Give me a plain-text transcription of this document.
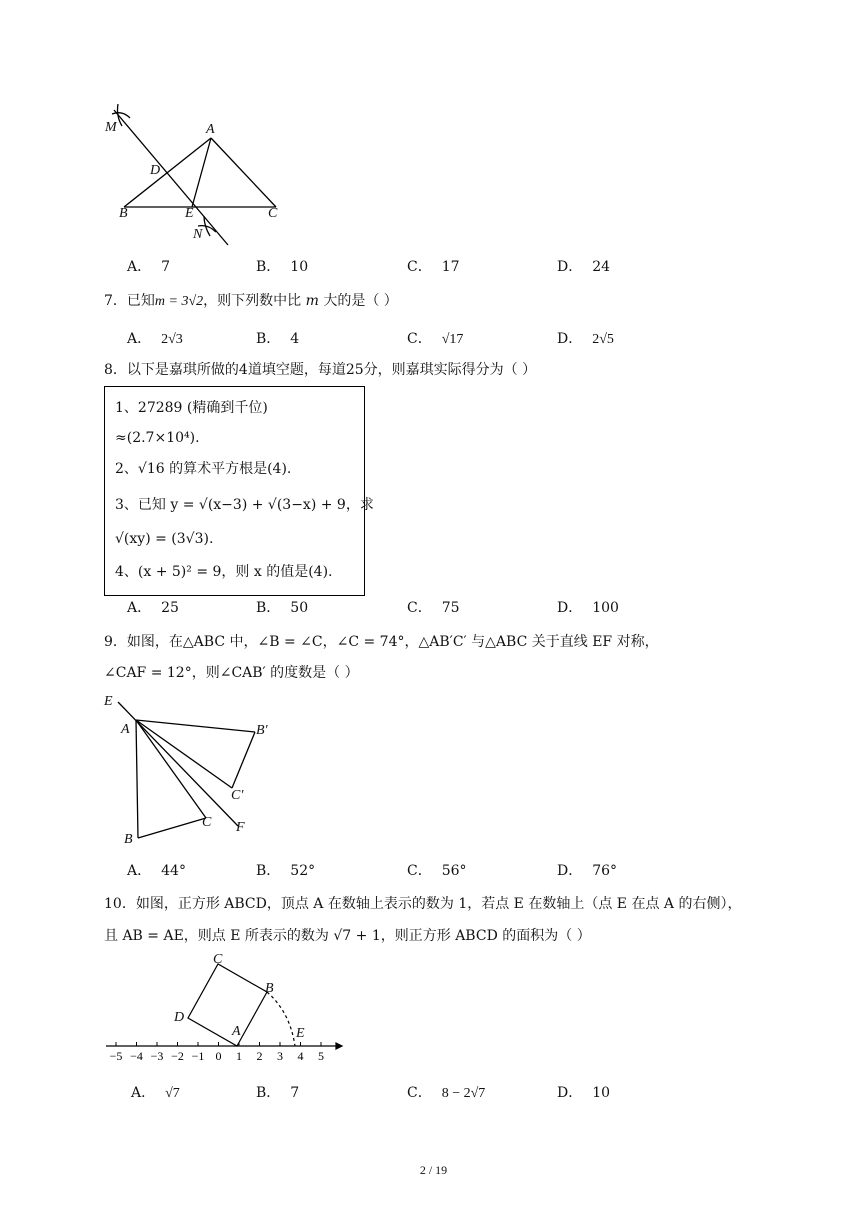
M	A
D
B	E	C
N
A． 7	B． 10	C． 17	D． 24
7．已知m = 3√2，则下列数中比 m 大的是（ ）
A． 2√3	B． 4	C． √17	D． 2√5
8．以下是嘉琪所做的4道填空题，每道25分，则嘉琪实际得分为（ ）
1、27289 (精确到千位)
≈(2.7×10⁴).
2、√16 的算术平方根是(4).
3、已知 y = √(x−3) + √(3−x) + 9，求
√(xy) = (3√3).
4、(x + 5)² = 9，则 x 的值是(4).
A． 25	B． 50	C． 75	D． 100
9．如图，在△ABC 中，∠B = ∠C，∠C = 74°，△AB′C′ 与△ABC 关于直线 EF 对称，
∠CAF = 12°，则∠CAB′ 的度数是（ ）
E
A	B′
C′
C F
B
A． 44°	B． 52°	C． 56°	D． 76°
10．如图，正方形 ABCD，顶点 A 在数轴上表示的数为 1，若点 E 在数轴上（点 E 在点 A 的右侧），
且 AB = AE，则点 E 所表示的数为 √7 + 1，则正方形 ABCD 的面积为（ ）
−5 −4 −3 −2 −1 0 1 2 3 4 5
C
B
D
A	E
A． √7	B． 7	C． 8 − 2√7	D． 10
2 / 19
